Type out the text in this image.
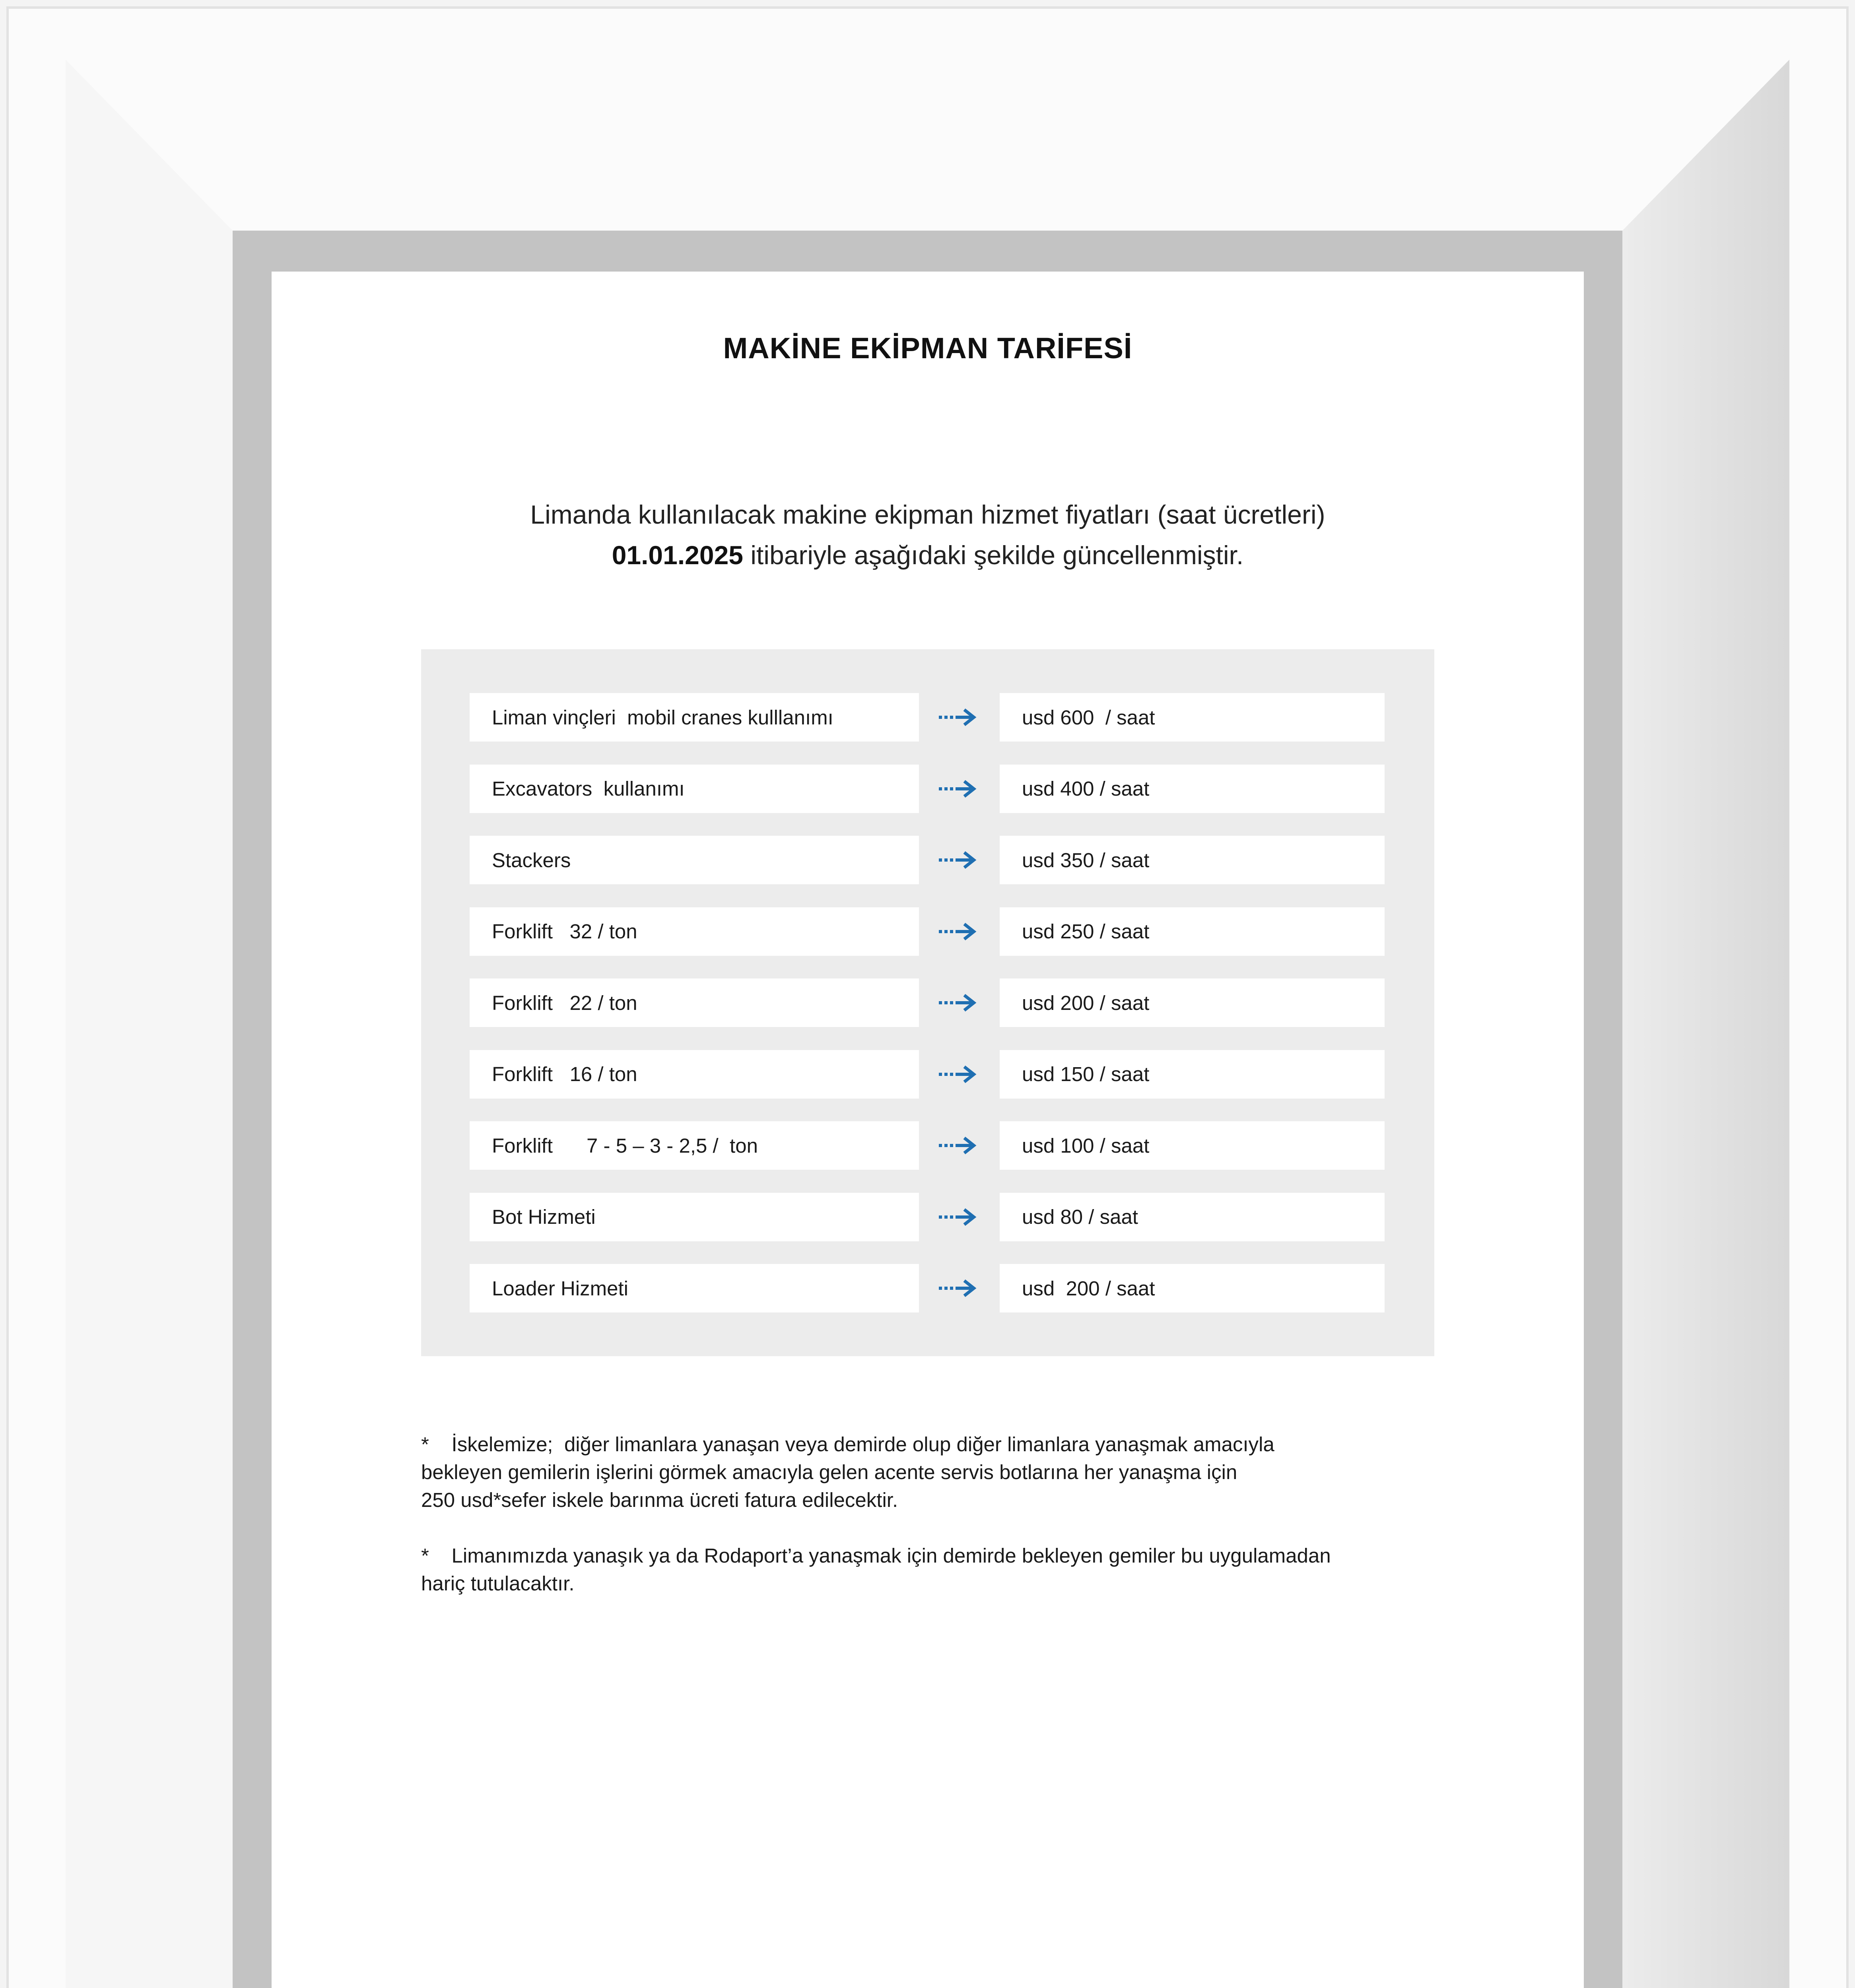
MAKİNE EKİPMAN TARİFESİ
Limanda kullanılacak makine ekipman hizmet fiyatları (saat ücretleri)
01.01.2025 itibariyle aşağıdaki şekilde güncellenmiştir.
Liman vinçleri  mobil cranes kulllanımı	usd 600  / saat
Excavators  kullanımı	usd 400 / saat
Stackers	usd 350 / saat
Forklift   32 / ton	usd 250 / saat
Forklift   22 / ton	usd 200 / saat
Forklift   16 / ton	usd 150 / saat
Forklift      7 - 5 – 3 - 2,5 /  ton	usd 100 / saat
Bot Hizmeti	usd 80 / saat
Loader Hizmeti	usd  200 / saat

*    İskelemize;  diğer limanlara yanaşan veya demirde olup diğer limanlara yanaşmak amacıyla
bekleyen gemilerin işlerini görmek amacıyla gelen acente servis botlarına her yanaşma için
250 usd*sefer iskele barınma ücreti fatura edilecektir.

*    Limanımızda yanaşık ya da Rodaport’a yanaşmak için demirde bekleyen gemiler bu uygulamadan
hariç tutulacaktır.
